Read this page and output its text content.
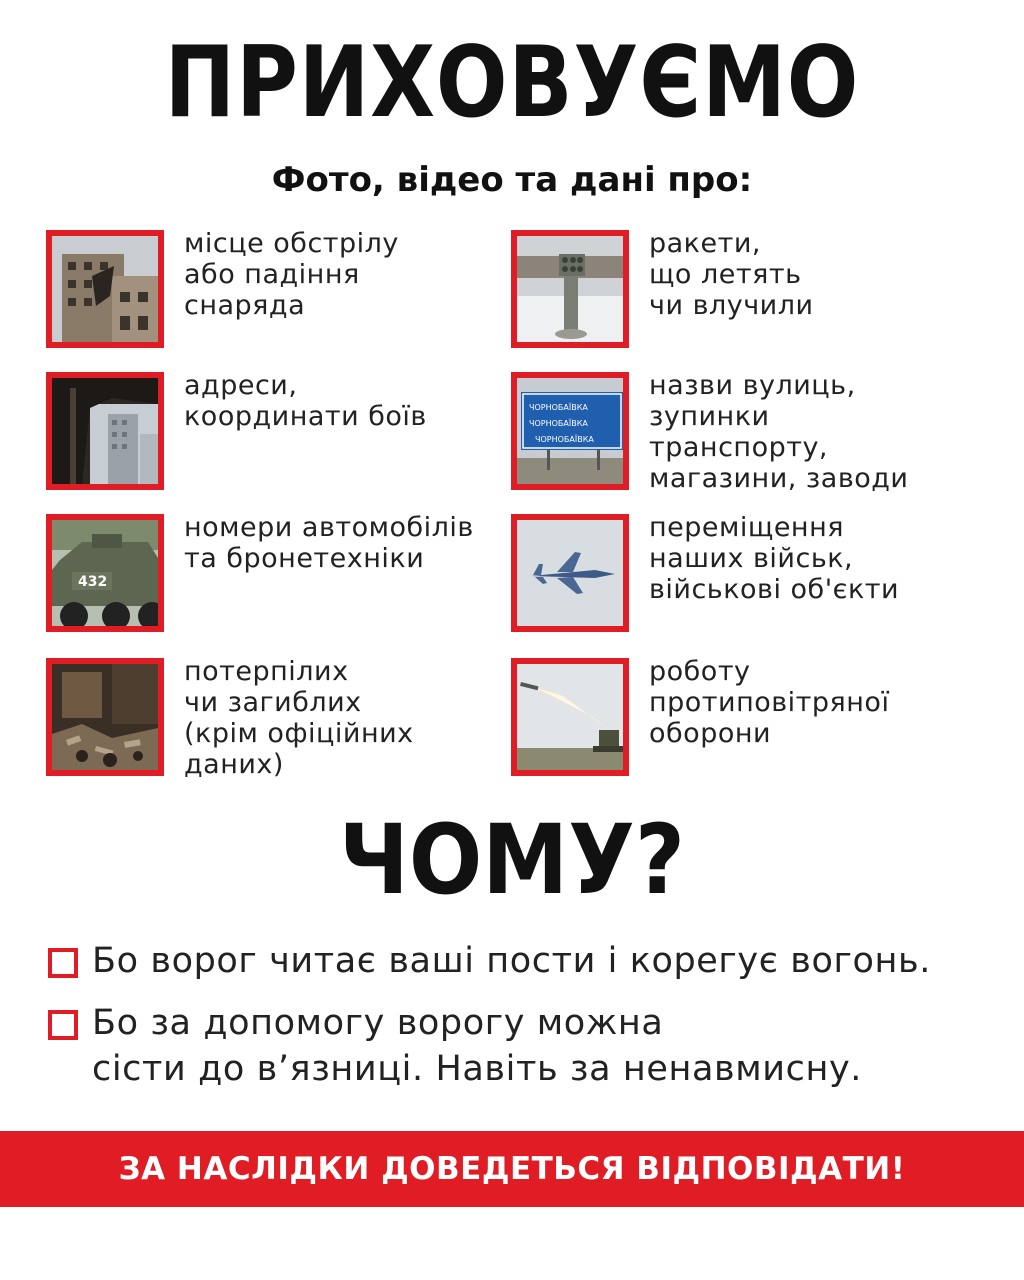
ПРИХОВУЄМО
Фото, відео та дані про:
місце обстрілу
або падіння
снаряда
ракети,
що летять
чи влучили
адреси,
координати боїв	ЧОРНОБАЇВКА
ЧОРНОБАЇВКА
ЧОРНОБАЇВКА
назви вулиць,
зупинки
транспорту,
магазини, заводи
432
номери автомобілів
та бронетехніки
переміщення
наших військ,
військові об'єкти
потерпілих
чи загиблих
(крім офіційних
даних)
роботу
протиповітряної
оборони
ЧОМУ?
Бо ворог читає ваші пости і корегує вогонь.
Бо за допомогу ворогу можна
сісти до в’язниці. Навіть за ненавмисну.
ЗА НАСЛІДКИ ДОВЕДЕТЬСЯ ВІДПОВІДАТИ!
